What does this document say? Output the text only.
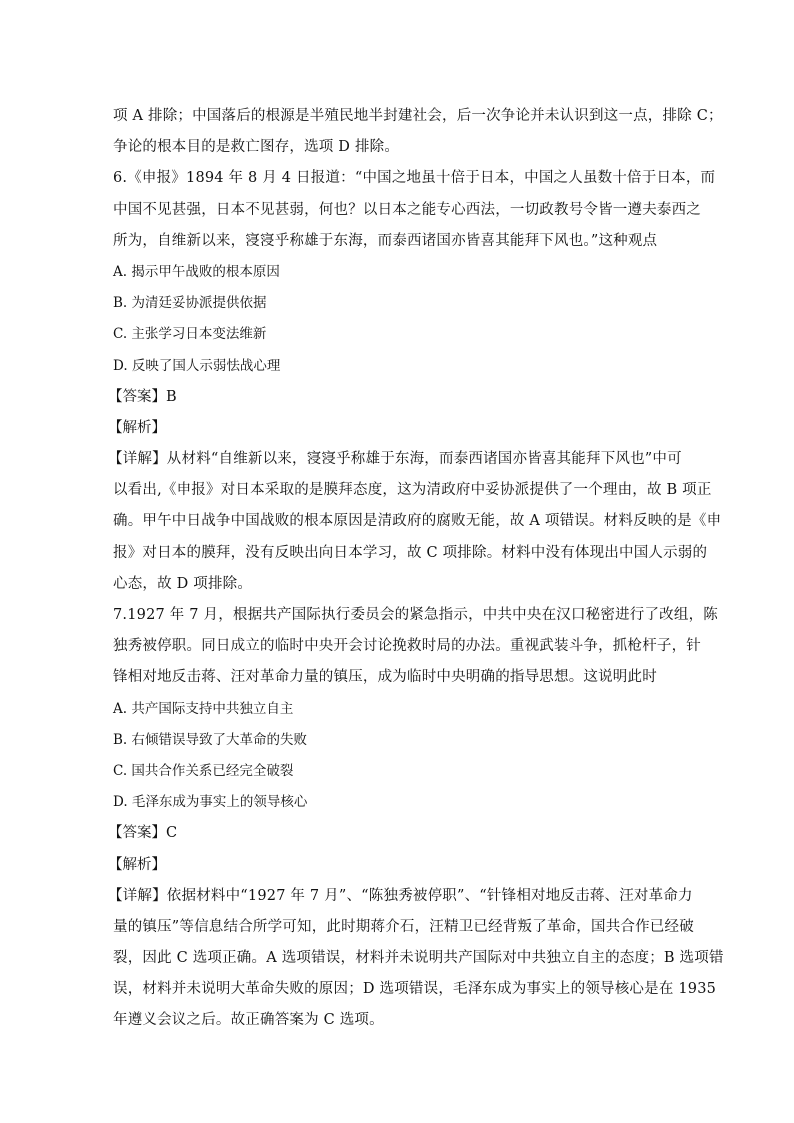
项 A 排除；中国落后的根源是半殖民地半封建社会，后一次争论并未认识到这一点，排除 C；
争论的根本目的是救亡图存，选项 D 排除。
6.《申报》1894 年 8 月 4 日报道：“中国之地虽十倍于日本，中国之人虽数十倍于日本，而
中国不见甚强，日本不见甚弱，何也？以日本之能专心西法，一切政教号令皆一遵夫泰西之
所为，自维新以来，寖寖乎称雄于东海，而泰西诸国亦皆喜其能拜下风也。”这种观点
A. 揭示甲午战败的根本原因
B. 为清廷妥协派提供依据
C. 主张学习日本变法维新
D. 反映了国人示弱怯战心理
【答案】B
【解析】
【详解】从材料“自维新以来，寖寖乎称雄于东海，而泰西诸国亦皆喜其能拜下风也”中可
以看出,《申报》对日本采取的是膜拜态度，这为清政府中妥协派提供了一个理由，故 B 项正
确。甲午中日战争中国战败的根本原因是清政府的腐败无能，故 A 项错误。材料反映的是《申
报》对日本的膜拜，没有反映出向日本学习，故 C 项排除。材料中没有体现出中国人示弱的
心态，故 D 项排除。
7.1927 年 7 月，根据共产国际执行委员会的紧急指示，中共中央在汉口秘密进行了改组，陈
独秀被停职。同日成立的临时中央开会讨论挽救时局的办法。重视武装斗争，抓枪杆子，针
锋相对地反击蒋、汪对革命力量的镇压，成为临时中央明确的指导思想。这说明此时
A. 共产国际支持中共独立自主
B. 右倾错误导致了大革命的失败
C. 国共合作关系已经完全破裂
D. 毛泽东成为事实上的领导核心
【答案】C
【解析】
【详解】依据材料中“1927 年 7 月”、“陈独秀被停职”、“针锋相对地反击蒋、汪对革命力
量的镇压”等信息结合所学可知，此时期蒋介石，汪精卫已经背叛了革命，国共合作已经破
裂，因此 C 选项正确。A 选项错误，材料并未说明共产国际对中共独立自主的态度；B 选项错
误，材料并未说明大革命失败的原因；D 选项错误，毛泽东成为事实上的领导核心是在 1935
年遵义会议之后。故正确答案为 C 选项。
